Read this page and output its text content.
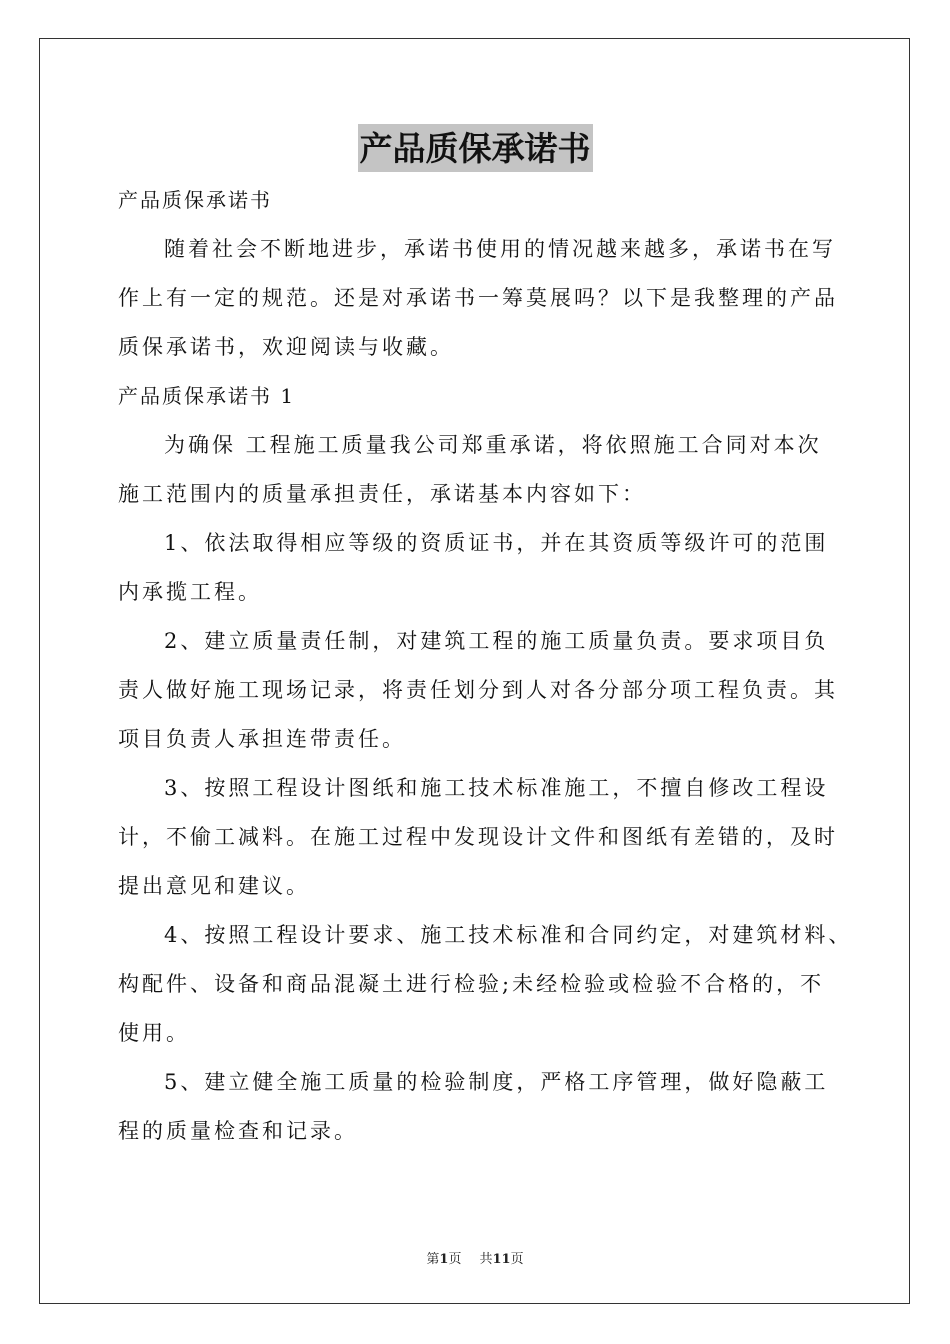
产品质保承诺书
产品质保承诺书
随着社会不断地进步，承诺书使用的情况越来越多，承诺书在写
作上有一定的规范。还是对承诺书一筹莫展吗？以下是我整理的产品
质保承诺书，欢迎阅读与收藏。
产品质保承诺书 1
为确保 工程施工质量我公司郑重承诺，将依照施工合同对本次
施工范围内的质量承担责任，承诺基本内容如下：
1、依法取得相应等级的资质证书，并在其资质等级许可的范围
内承揽工程。
2、建立质量责任制，对建筑工程的施工质量负责。要求项目负
责人做好施工现场记录，将责任划分到人对各分部分项工程负责。其
项目负责人承担连带责任。
3、按照工程设计图纸和施工技术标准施工，不擅自修改工程设
计，不偷工减料。在施工过程中发现设计文件和图纸有差错的，及时
提出意见和建议。
4、按照工程设计要求、施工技术标准和合同约定，对建筑材料、
构配件、设备和商品混凝土进行检验;未经检验或检验不合格的，不
使用。
5、建立健全施工质量的检验制度，严格工序管理，做好隐蔽工
程的质量检查和记录。
第1页 共11页
